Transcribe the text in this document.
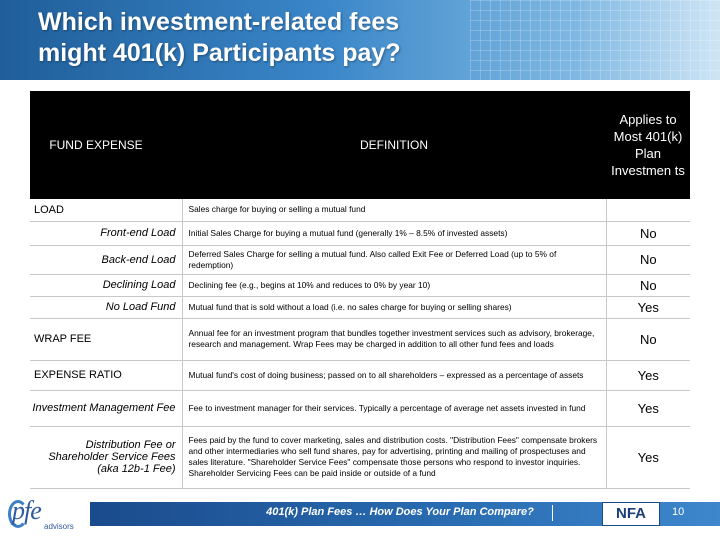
Which investment-related fees
might 401(k) Participants pay?
FUND EXPENSE	DEFINITION	Applies to Most 401(k) Plan Investmen ts
LOAD	Sales charge for buying or selling a mutual fund	
Front-end Load	Initial Sales Charge for buying a mutual fund (generally 1% – 8.5% of invested assets)	No
Back-end Load	Deferred Sales Charge for selling a mutual fund. Also called Exit Fee or Deferred Load (up to 5% of redemption)	No
Declining Load	Declining fee (e.g., begins at 10% and reduces to 0% by year 10)	No
No Load Fund	Mutual fund that is sold without a load (i.e. no sales charge for buying or selling shares)	Yes
WRAP FEE	Annual fee for an investment program that bundles together investment services such as advisory, brokerage, research and management. Wrap Fees may be charged in addition to all other fund fees and loads	No
EXPENSE RATIO	Mutual fund's cost of doing business; passed on to all shareholders – expressed as a percentage of assets	Yes
Investment Management Fee	Fee to investment manager for their services. Typically a percentage of average net assets invested in fund	Yes
Distribution Fee or Shareholder Service Fees (aka 12b-1 Fee)	Fees paid by the fund to cover marketing, sales and distribution costs. "Distribution Fees" compensate brokers and other intermediaries who sell fund shares, pay for advertising, printing and mailing of prospectuses and sales literature. "Shareholder Service Fees" compensate those persons who respond to investor inquiries. Shareholder Servicing Fees can be paid inside or outside of a fund	Yes
401(k) Plan Fees … How Does Your Plan Compare?	NFA	10
pfe
advisors
